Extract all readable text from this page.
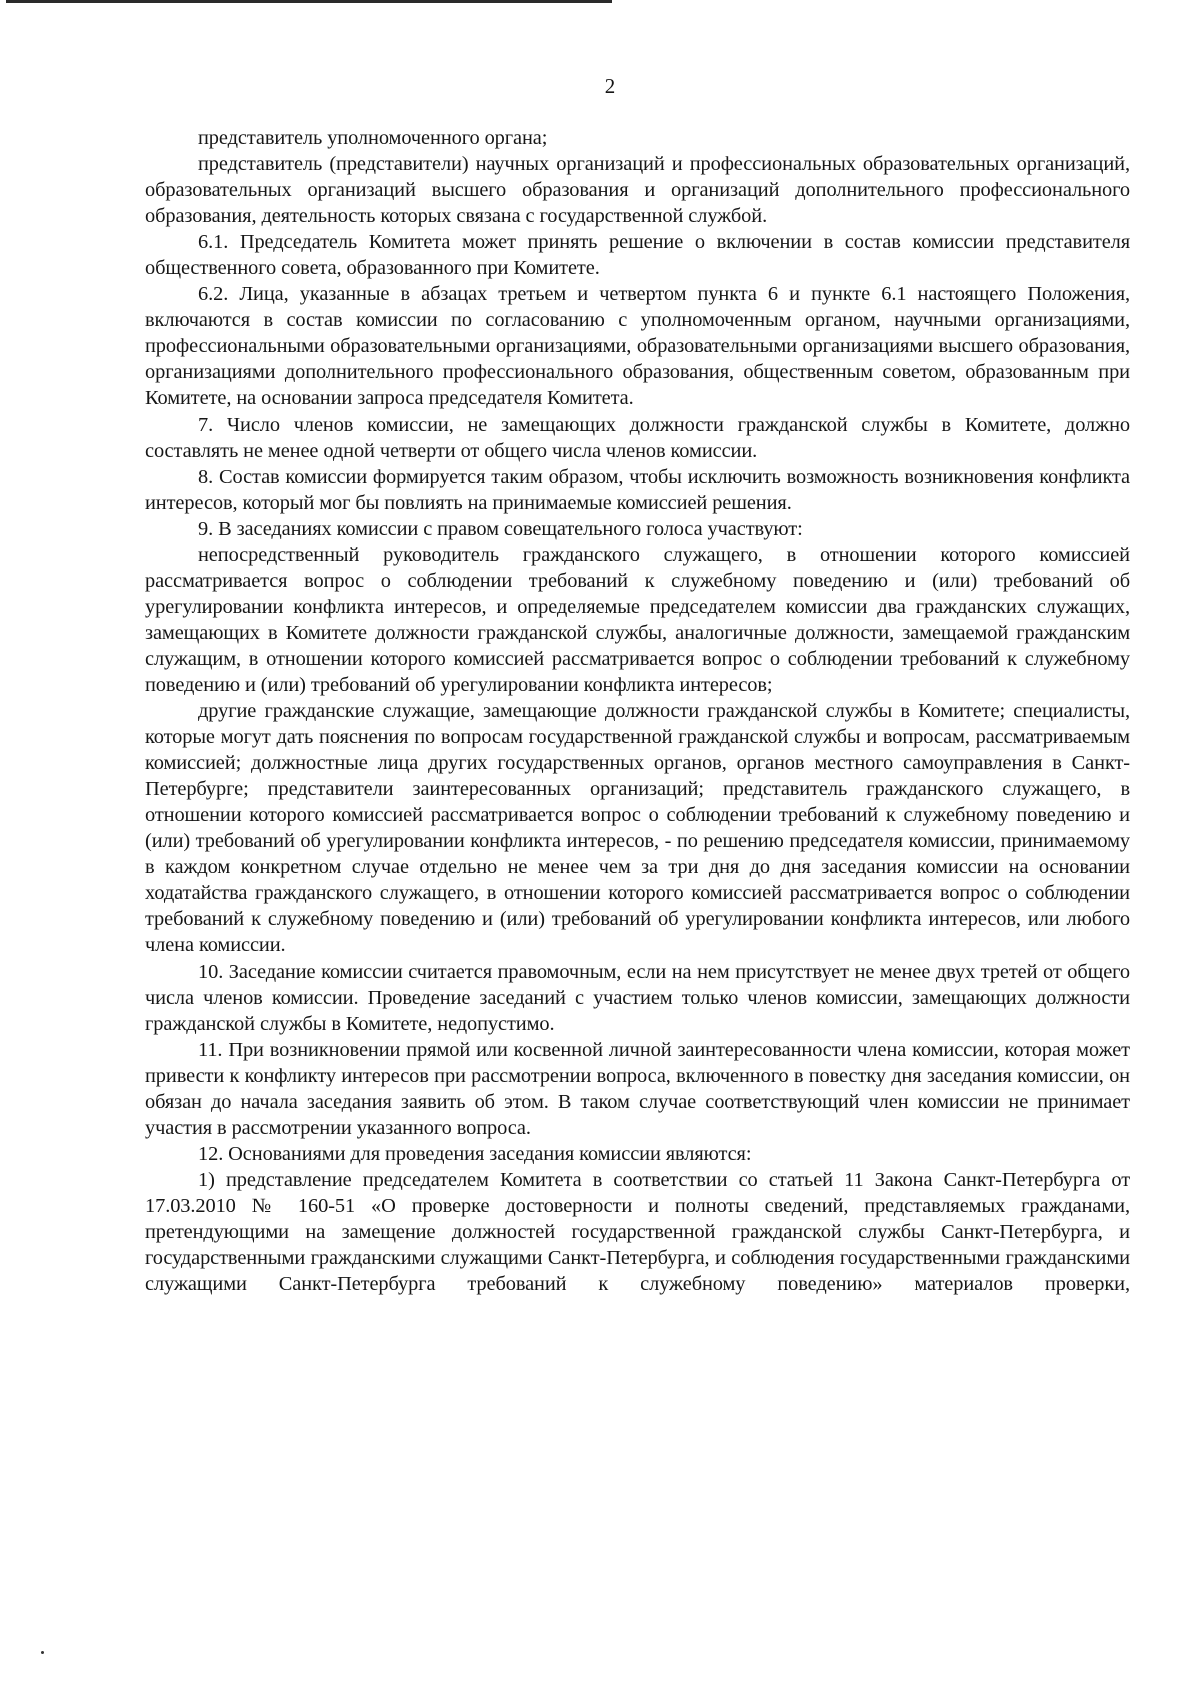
2

представитель уполномоченного органа;

представитель (представители) научных организаций и профессиональных образовательных организаций, образовательных организаций высшего образования и организаций дополнительного профессионального образования, деятельность которых связана с государственной службой.

6.1. Председатель Комитета может принять решение о включении в состав комиссии представителя общественного совета, образованного при Комитете.

6.2. Лица, указанные в абзацах третьем и четвертом пункта 6 и пункте 6.1 настоящего Положения, включаются в состав комиссии по согласованию с уполномоченным органом, научными организациями, профессиональными образовательными организациями, образовательными организациями высшего образования, организациями дополнительного профессионального образования, общественным советом, образованным при Комитете, на основании запроса председателя Комитета.

7. Число членов комиссии, не замещающих должности гражданской службы в Комитете, должно составлять не менее одной четверти от общего числа членов комиссии.

8. Состав комиссии формируется таким образом, чтобы исключить возможность возникновения конфликта интересов, который мог бы повлиять на принимаемые комиссией решения.

9. В заседаниях комиссии с правом совещательного голоса участвуют:

непосредственный руководитель гражданского служащего, в отношении которого комиссией рассматривается вопрос о соблюдении требований к служебному поведению и (или) требований об урегулировании конфликта интересов, и определяемые председателем комиссии два гражданских служащих, замещающих в Комитете должности гражданской службы, аналогичные должности, замещаемой гражданским служащим, в отношении которого комиссией рассматривается вопрос о соблюдении требований к служебному поведению и (или) требований об урегулировании конфликта интересов;

другие гражданские служащие, замещающие должности гражданской службы в Комитете; специалисты, которые могут дать пояснения по вопросам государственной гражданской службы и вопросам, рассматриваемым комиссией; должностные лица других государственных органов, органов местного самоуправления в Санкт-Петербурге; представители заинтересованных организаций; представитель гражданского служащего, в отношении которого комиссией рассматривается вопрос о соблюдении требований к служебному поведению и (или) требований об урегулировании конфликта интересов, - по решению председателя комиссии, принимаемому в каждом конкретном случае отдельно не менее чем за три дня до дня заседания комиссии на основании ходатайства гражданского служащего, в отношении которого комиссией рассматривается вопрос о соблюдении требований к служебному поведению и (или) требований об урегулировании конфликта интересов, или любого члена комиссии.

10. Заседание комиссии считается правомочным, если на нем присутствует не менее двух третей от общего числа членов комиссии. Проведение заседаний с участием только членов комиссии, замещающих должности гражданской службы в Комитете, недопустимо.

11. При возникновении прямой или косвенной личной заинтересованности члена комиссии, которая может привести к конфликту интересов при рассмотрении вопроса, включенного в повестку дня заседания комиссии, он обязан до начала заседания заявить об этом. В таком случае соответствующий член комиссии не принимает участия в рассмотрении указанного вопроса.

12. Основаниями для проведения заседания комиссии являются:

1) представление председателем Комитета в соответствии со статьей 11 Закона Санкт-Петербурга от 17.03.2010 № 160-51 «О проверке достоверности и полноты сведений, представляемых гражданами, претендующими на замещение должностей государственной гражданской службы Санкт-Петербурга, и государственными гражданскими служащими Санкт-Петербурга, и соблюдения государственными гражданскими служащими Санкт-Петербурга требований к служебному поведению» материалов проверки,
